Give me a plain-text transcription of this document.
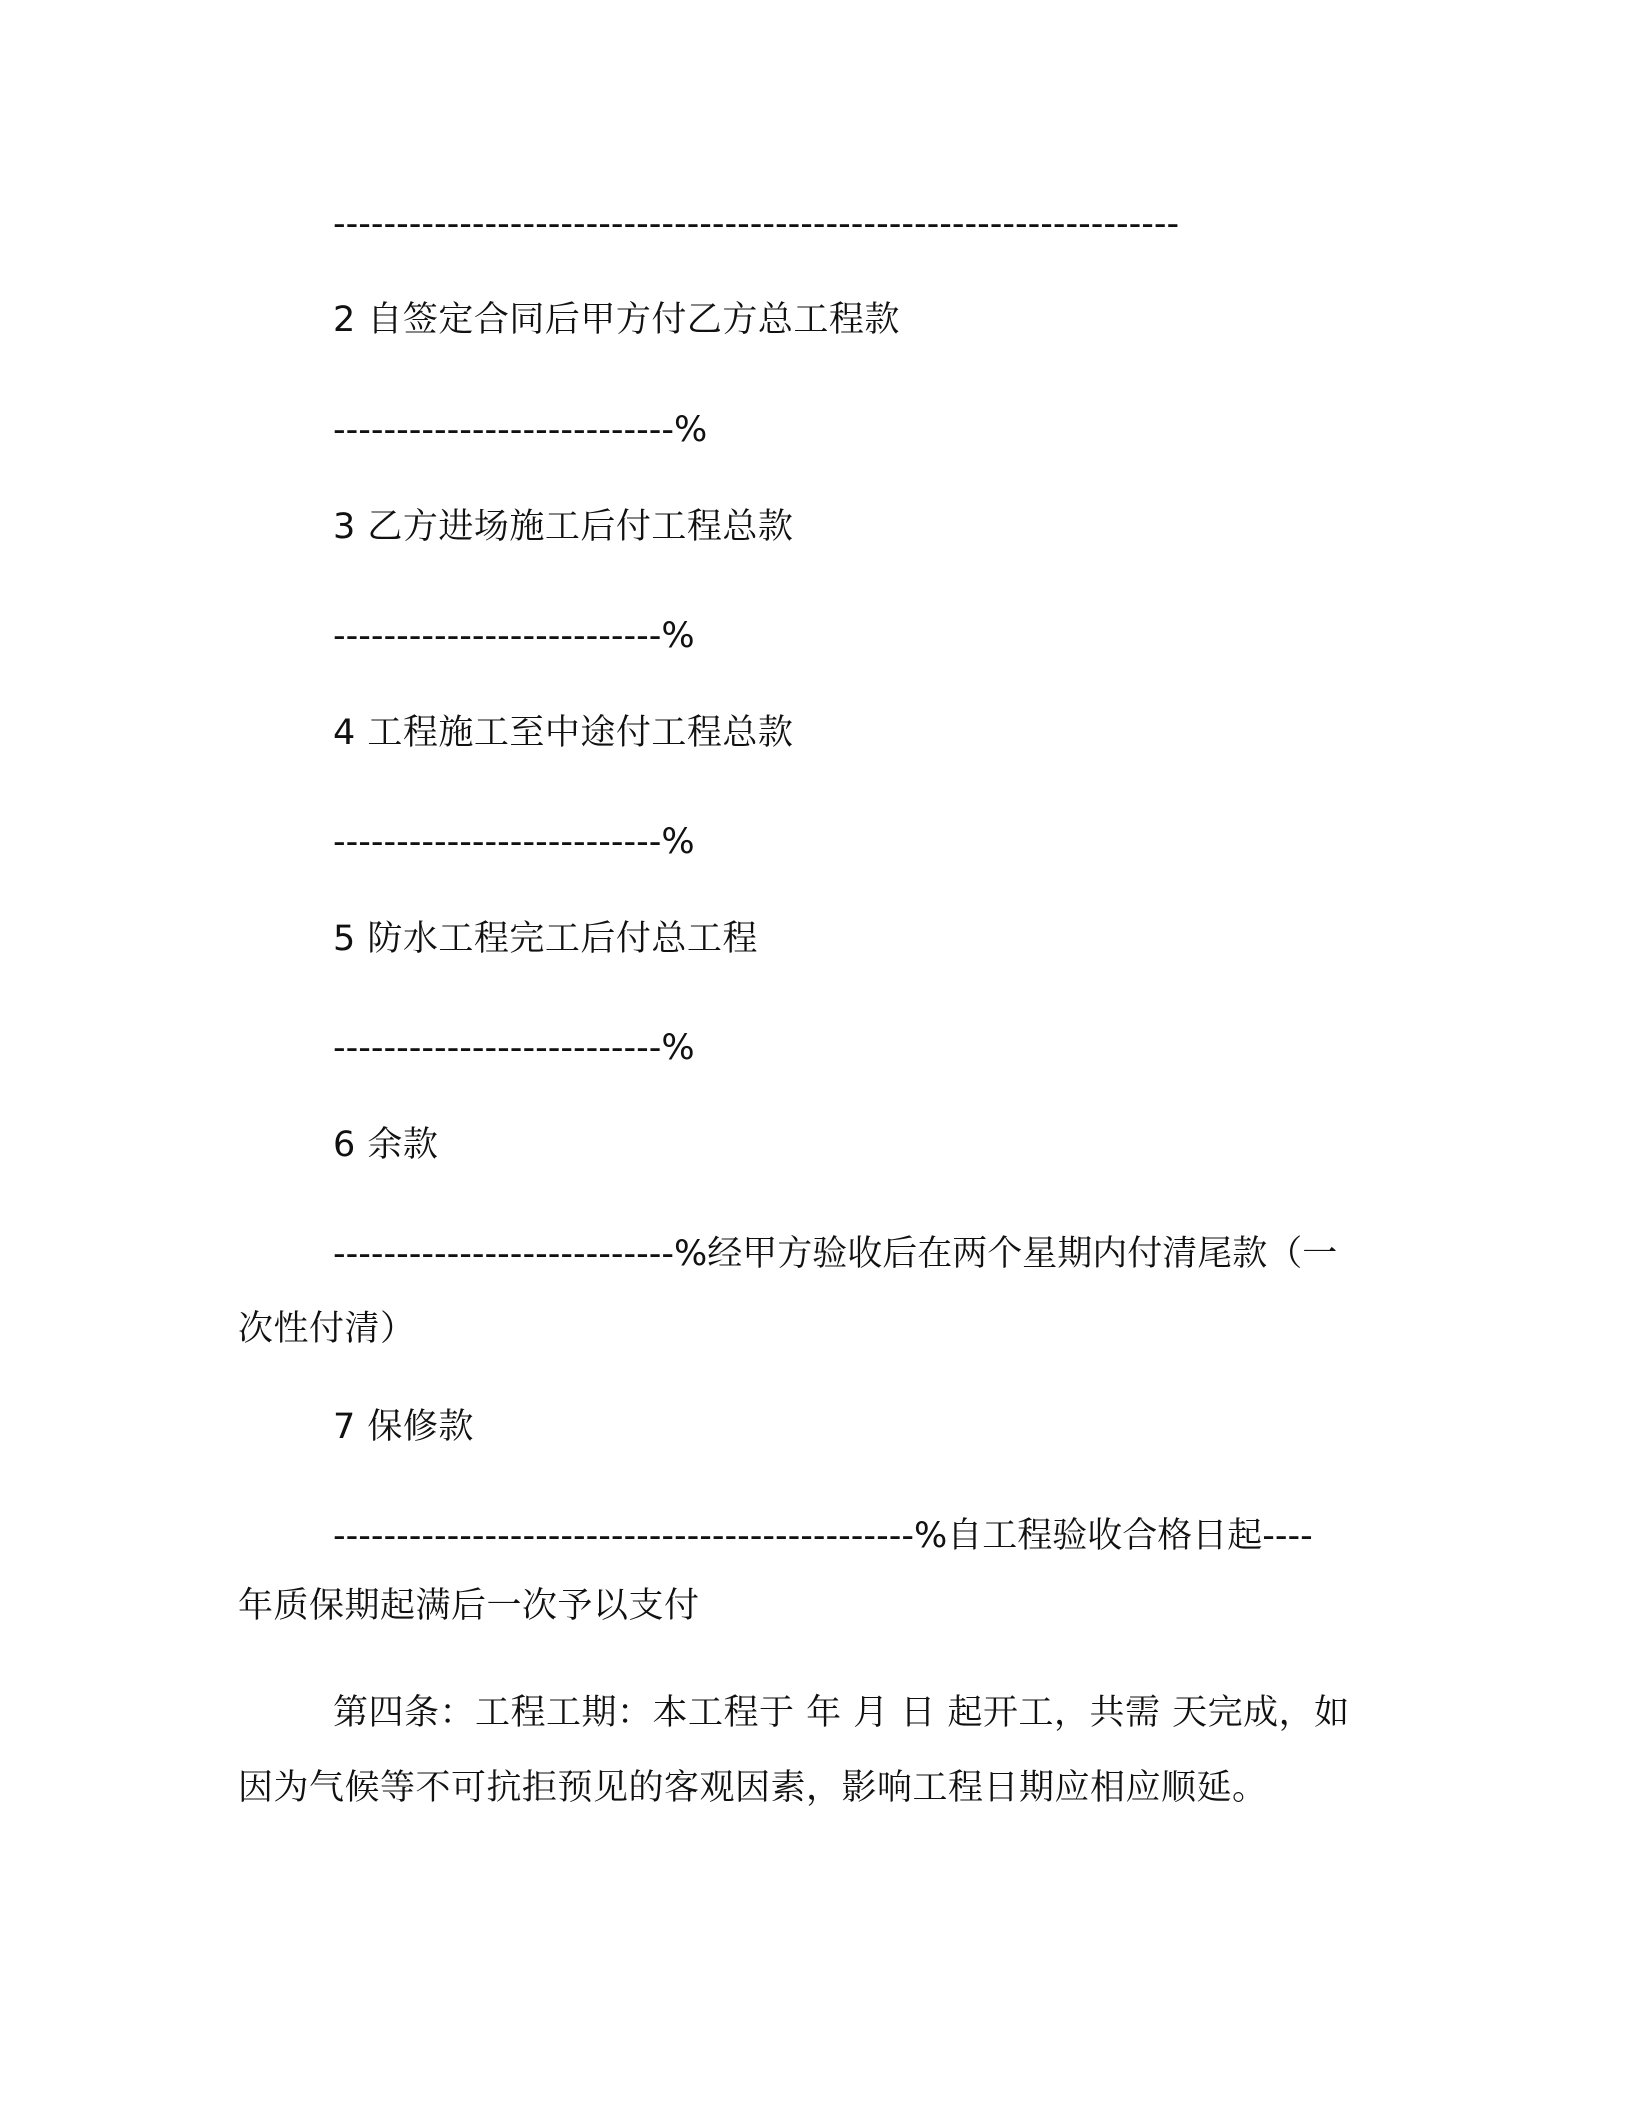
-------------------------------------------------------------------
2 自签定合同后甲方付乙方总工程款
---------------------------%
3 乙方进场施工后付工程总款
--------------------------%
4 工程施工至中途付工程总款
--------------------------%
5 防水工程完工后付总工程
--------------------------%
6 余款
---------------------------%经甲方验收后在两个星期内付清尾款（一
次性付清）
7 保修款
----------------------------------------------%自工程验收合格日起----
年质保期起满后一次予以支付
第四条：工程工期：本工程于 年 月 日 起开工，共需 天完成，如
因为气候等不可抗拒预见的客观因素，影响工程日期应相应顺延。
